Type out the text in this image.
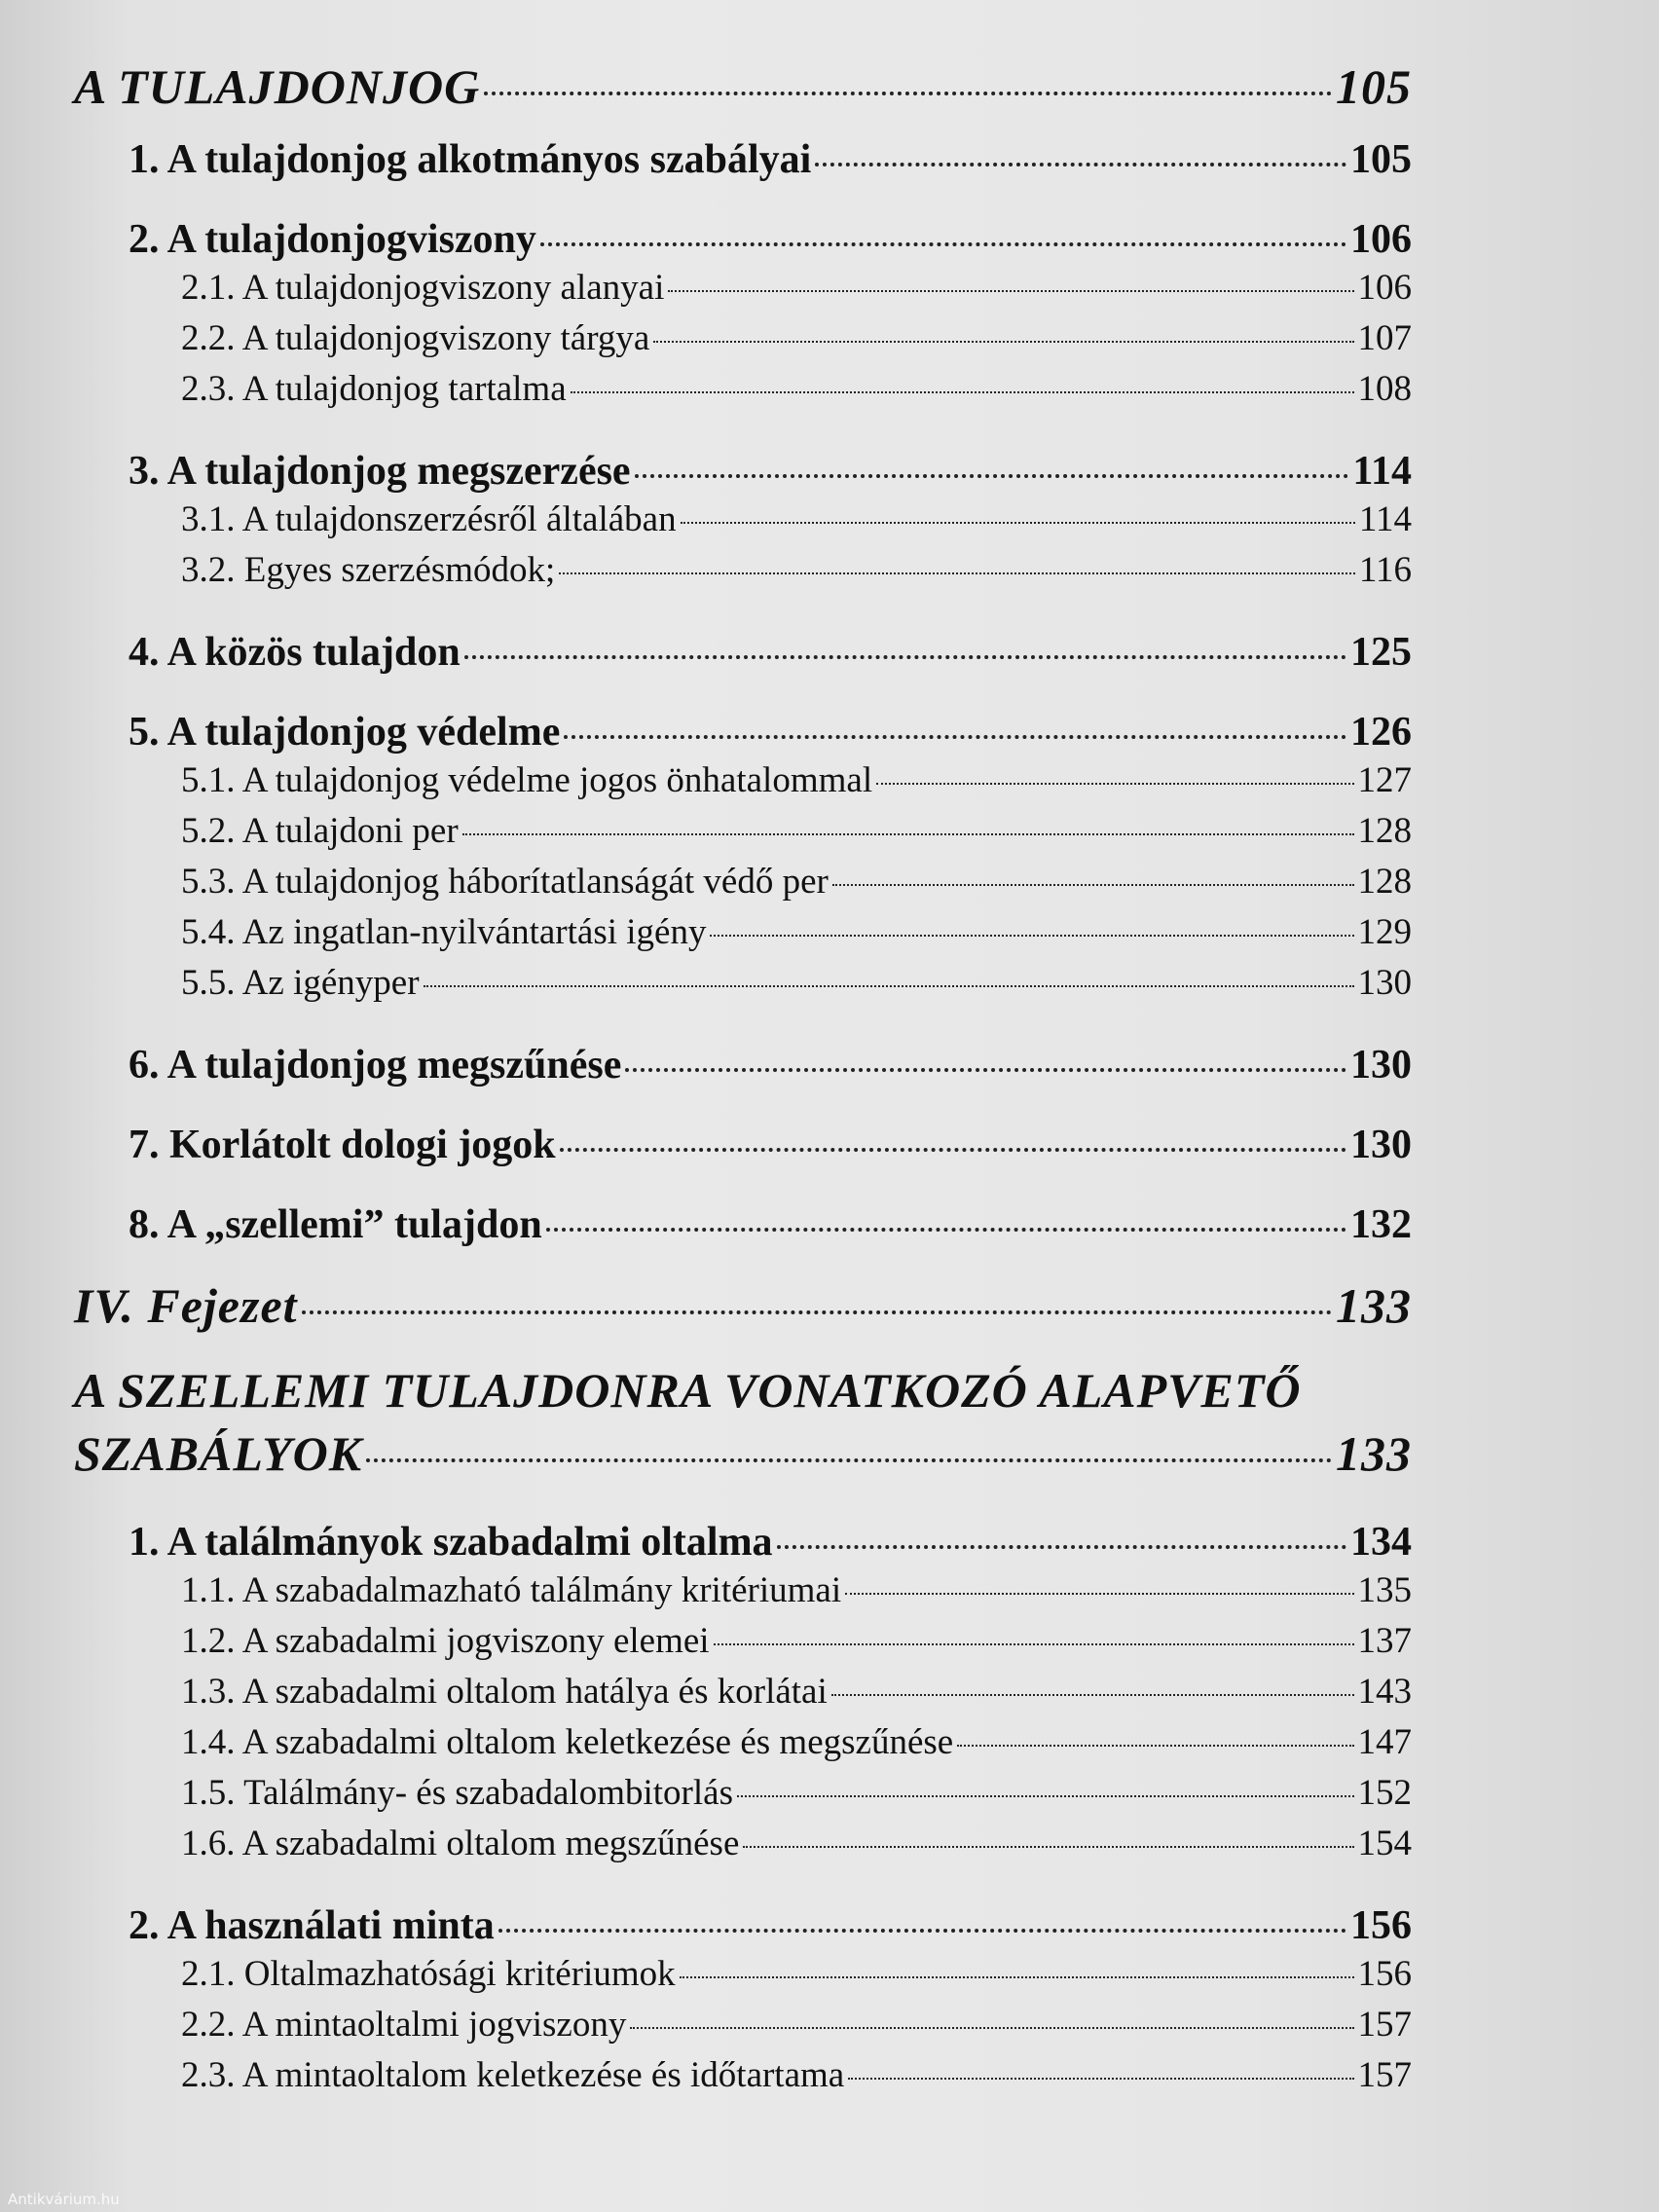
A TULAJDONJOG	105
1. A tulajdonjog alkotmányos szabályai	105
2. A tulajdonjogviszony	106
2.1. A tulajdonjogviszony alanyai	106
2.2. A tulajdonjogviszony tárgya	107
2.3. A tulajdonjog tartalma	108
3. A tulajdonjog megszerzése	114
3.1. A tulajdonszerzésről általában	114
3.2. Egyes szerzésmódok;	116
4. A közös tulajdon	125
5. A tulajdonjog védelme	126
5.1. A tulajdonjog védelme jogos önhatalommal	127
5.2. A tulajdoni per	128
5.3. A tulajdonjog háborítatlanságát védő per	128
5.4. Az ingatlan-nyilvántartási igény	129
5.5. Az igényper	130
6. A tulajdonjog megszűnése	130
7. Korlátolt dologi jogok	130
8. A „szellemi” tulajdon	132
IV. Fejezet	133
A SZELLEMI TULAJDONRA VONATKOZÓ ALAPVETŐ
SZABÁLYOK	133
1. A találmányok szabadalmi oltalma	134
1.1. A szabadalmazható találmány kritériumai	135
1.2. A szabadalmi jogviszony elemei	137
1.3. A szabadalmi oltalom hatálya és korlátai	143
1.4. A szabadalmi oltalom keletkezése és megszűnése	147
1.5. Találmány- és szabadalombitorlás	152
1.6. A szabadalmi oltalom megszűnése	154
2. A használati minta	156
2.1. Oltalmazhatósági kritériumok	156
2.2. A mintaoltalmi jogviszony	157
2.3. A mintaoltalom keletkezése és időtartama	157
Antikvárium.hu
